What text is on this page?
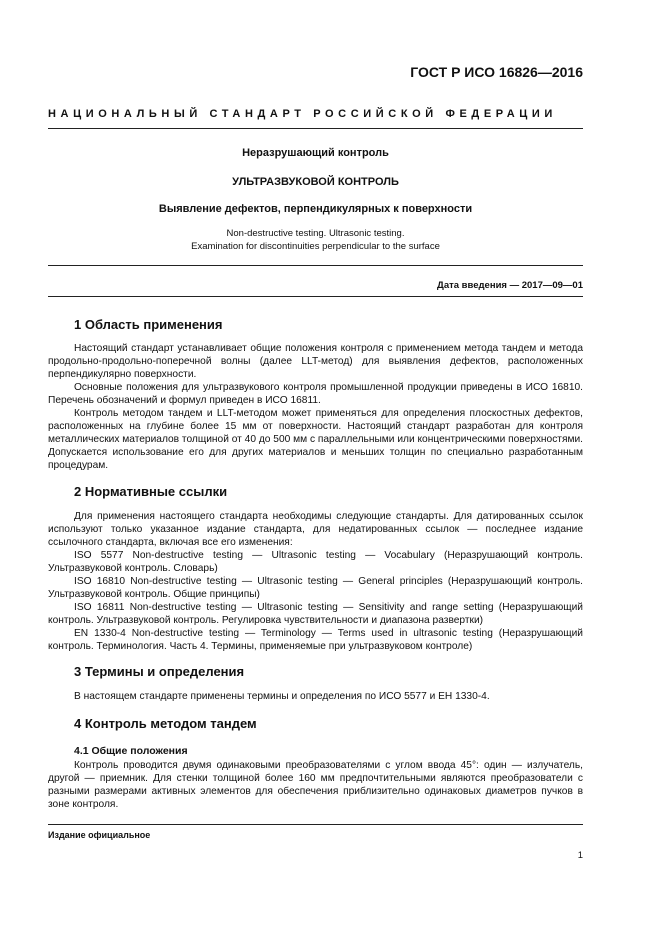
ГОСТ Р ИСО 16826—2016
НАЦИОНАЛЬНЫЙ СТАНДАРТ РОССИЙСКОЙ ФЕДЕРАЦИИ
Неразрушающий контроль
УЛЬТРАЗВУКОВОЙ КОНТРОЛЬ
Выявление дефектов, перпендикулярных к поверхности
Non-destructive testing. Ultrasonic testing.
Examination for discontinuities perpendicular to the surface
Дата введения — 2017—09—01
1 Область применения

Настоящий стандарт устанавливает общие положения контроля с применением метода тандем и метода продольно-продольно-поперечной волны (далее LLT-метод) для выявления дефектов, расположенных перпендикулярно поверхности.

Основные положения для ультразвукового контроля промышленной продукции приведены в ИСО 16810. Перечень обозначений и формул приведен в ИСО 16811.

Контроль методом тандем и LLT-методом может применяться для определения плоскостных дефектов, расположенных на глубине более 15 мм от поверхности. Настоящий стандарт разработан для контроля металлических материалов толщиной от 40 до 500 мм с параллельными или концентрическими поверхностями. Допускается использование его для других материалов и меньших толщин по специально разработанным процедурам.

2 Нормативные ссылки

Для применения настоящего стандарта необходимы следующие стандарты. Для датированных ссылок используют только указанное издание стандарта, для недатированных ссылок — последнее издание ссылочного стандарта, включая все его изменения:

ISO 5577 Non-destructive testing — Ultrasonic testing — Vocabulary (Неразрушающий контроль. Ультразвуковой контроль. Словарь)

ISO 16810 Non-destructive testing — Ultrasonic testing — General principles (Неразрушающий контроль. Ультразвуковой контроль. Общие принципы)

ISO 16811 Non-destructive testing — Ultrasonic testing — Sensitivity and range setting (Неразрушающий контроль. Ультразвуковой контроль. Регулировка чувствительности и диапазона развертки)

EN 1330-4 Non-destructive testing — Terminology — Terms used in ultrasonic testing (Неразрушающий контроль. Терминология. Часть 4. Термины, применяемые при ультразвуковом контроле)

3 Термины и определения

В настоящем стандарте применены термины и определения по ИСО 5577 и ЕН 1330-4.

4 Контроль методом тандем
4.1 Общие положения

Контроль проводится двумя одинаковыми преобразователями с углом ввода 45°: один — излучатель, другой — приемник. Для стенки толщиной более 160 мм предпочтительными являются преобразователи с разными размерами активных элементов для обеспечения приблизительно одинаковых диаметров пучков в зоне контроля.

Издание официальное
1
